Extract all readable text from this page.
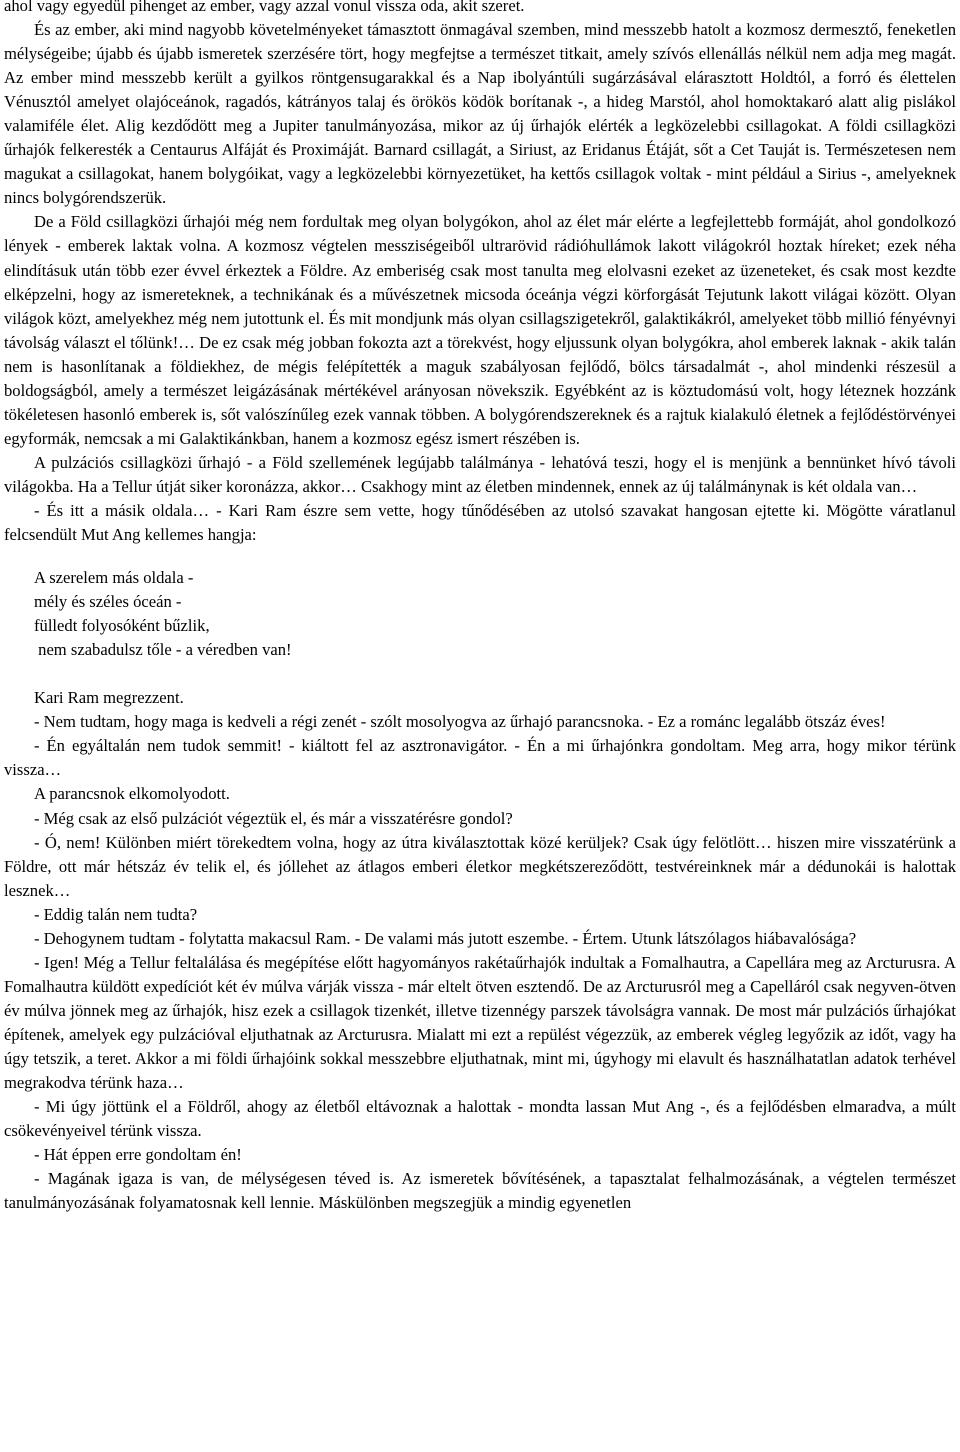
ahol vagy egyedül pihenget az ember, vagy azzal vonul vissza oda, akit szeret.

És az ember, aki mind nagyobb követelményeket támasztott önmagával szemben, mind messzebb hatolt a kozmosz dermesztő, feneketlen mélységeibe; újabb és újabb ismeretek szerzésére tört, hogy megfejtse a természet titkait, amely szívós ellenállás nélkül nem adja meg magát. Az ember mind messzebb került a gyilkos röntgensugarakkal és a Nap ibolyántúli sugárzásával elárasztott Holdtól, a forró és élettelen Vénusztól amelyet olajóceánok, ragadós, kátrányos talaj és örökös ködök borítanak -, a hideg Marstól, ahol homoktakaró alatt alig pislákol valamiféle élet. Alig kezdődött meg a Jupiter tanulmányozása, mikor az új űrhajók elérték a legközelebbi csillagokat. A földi csillagközi űrhajók felkeresték a Centaurus Alfáját és Proximáját. Barnard csillagát, a Siriust, az Eridanus Étáját, sőt a Cet Tauját is. Természetesen nem magukat a csillagokat, hanem bolygóikat, vagy a legközelebbi környezetüket, ha kettős csillagok voltak - mint például a Sirius -, amelyeknek nincs bolygórendszerük.

De a Föld csillagközi űrhajói még nem fordultak meg olyan bolygókon, ahol az élet már elérte a legfejlettebb formáját, ahol gondolkozó lények - emberek laktak volna. A kozmosz végtelen messziségeiből ultrarövid rádióhullámok lakott világokról hoztak híreket; ezek néha elindításuk után több ezer évvel érkeztek a Földre. Az emberiség csak most tanulta meg elolvasni ezeket az üzeneteket, és csak most kezdte elképzelni, hogy az ismereteknek, a technikának és a művészetnek micsoda óceánja végzi körforgását Tejutunk lakott világai között. Olyan világok közt, amelyekhez még nem jutottunk el. És mit mondjunk más olyan csillagszigetekről, galaktikákról, amelyeket több millió fényévnyi távolság választ el tőlünk!… De ez csak még jobban fokozta azt a törekvést, hogy eljussunk olyan bolygókra, ahol emberek laknak - akik talán nem is hasonlítanak a földiekhez, de mégis felépítették a maguk szabályosan fejlődő, bölcs társadalmát -, ahol mindenki részesül a boldogságból, amely a természet leigázásának mértékével arányosan növekszik. Egyébként az is köztudomású volt, hogy léteznek hozzánk tökéletesen hasonló emberek is, sőt valószínűleg ezek vannak többen. A bolygórendszereknek és a rajtuk kialakuló életnek a fejlődéstörvényei egyformák, nemcsak a mi Galaktikánkban, hanem a kozmosz egész ismert részében is.

A pulzációs csillagközi űrhajó - a Föld szellemének legújabb találmánya - lehatóvá teszi, hogy el is menjünk a bennünket hívó távoli világokba. Ha a Tellur útját siker koronázza, akkor… Csakhogy mint az életben mindennek, ennek az új találmánynak is két oldala van…

- És itt a másik oldala… - Kari Ram észre sem vette, hogy tűnődésében az utolsó szavakat hangosan ejtette ki. Mögötte váratlanul felcsendült Mut Ang kellemes hangja:

A szerelem más oldala -
mély és széles óceán -
fülledt folyosóként bűzlik,
nem szabadulsz tőle - a véredben van!

Kari Ram megrezzent.

- Nem tudtam, hogy maga is kedveli a régi zenét - szólt mosolyogva az űrhajó parancsnoka. - Ez a románc legalább ötszáz éves!

- Én egyáltalán nem tudok semmit! - kiáltott fel az asztronavigátor. - Én a mi űrhajónkra gondoltam. Meg arra, hogy mikor térünk vissza…

A parancsnok elkomolyodott.

- Még csak az első pulzációt végeztük el, és már a visszatérésre gondol?

- Ó, nem! Különben miért törekedtem volna, hogy az útra kiválasztottak közé kerüljek? Csak úgy felötlött… hiszen mire visszatérünk a Földre, ott már hétszáz év telik el, és jóllehet az átlagos emberi életkor megkétszereződött, testvéreinknek már a dédunokái is halottak lesznek…

- Eddig talán nem tudta?

- Dehogynem tudtam - folytatta makacsul Ram. - De valami más jutott eszembe. - Értem. Utunk látszólagos hiábavalósága?

- Igen! Még a Tellur feltalálása és megépítése előtt hagyományos rakétaűrhajók indultak a Fomalhautra, a Capellára meg az Arcturusra. A Fomalhautra küldött expedíciót két év múlva várják vissza - már eltelt ötven esztendő. De az Arcturusról meg a Capelláról csak negyven-ötven év múlva jönnek meg az űrhajók, hisz ezek a csillagok tizenkét, illetve tizennégy parszek távolságra vannak. De most már pulzációs űrhajókat építenek, amelyek egy pulzációval eljuthatnak az Arcturusra. Mialatt mi ezt a repülést végezzük, az emberek végleg legyőzik az időt, vagy ha úgy tetszik, a teret. Akkor a mi földi űrhajóink sokkal messzebbre eljuthatnak, mint mi, úgyhogy mi elavult és használhatatlan adatok terhével megrakodva térünk haza…

- Mi úgy jöttünk el a Földről, ahogy az életből eltávoznak a halottak - mondta lassan Mut Ang -, és a fejlődésben elmaradva, a múlt csökevényeivel térünk vissza.

- Hát éppen erre gondoltam én!

- Magának igaza is van, de mélységesen téved is. Az ismeretek bővítésének, a tapasztalat felhalmozásának, a végtelen természet tanulmányozásának folyamatosnak kell lennie. Máskülönben megszegjük a mindig egyenetlen
